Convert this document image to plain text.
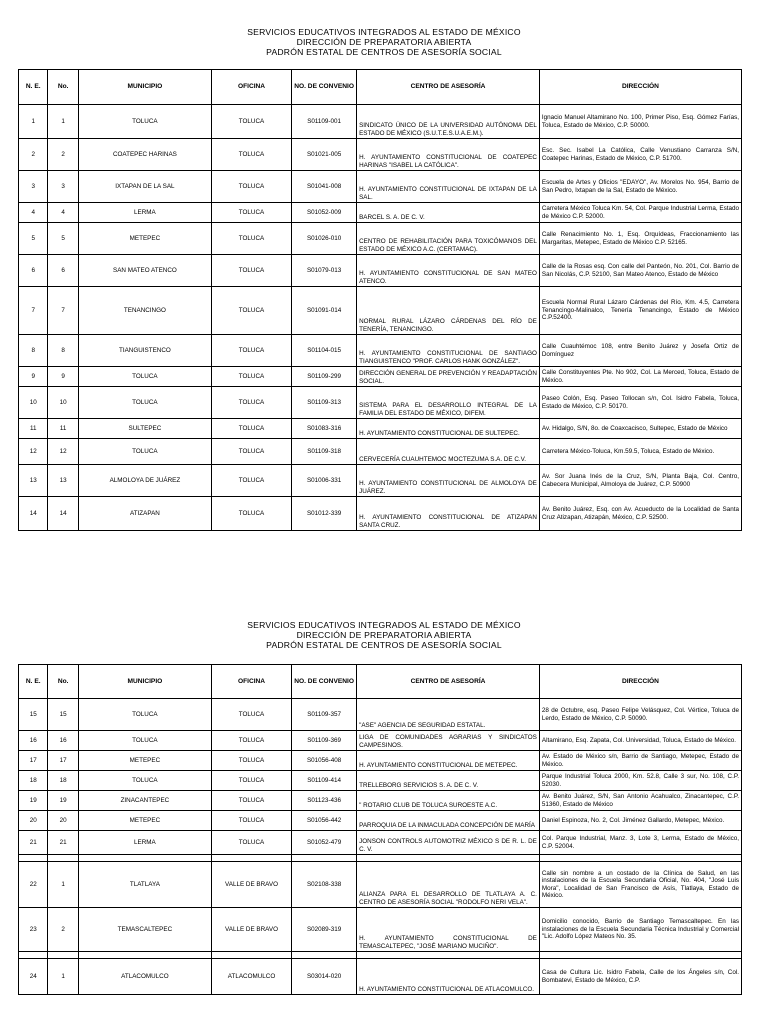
SERVICIOS EDUCATIVOS INTEGRADOS AL ESTADO DE MÉXICO
DIRECCIÓN DE PREPARATORIA ABIERTA
PADRÓN ESTATAL DE CENTROS DE ASESORÍA SOCIAL
N. E.	No.	MUNICIPIO	OFICINA	NO. DE CONVENIO	CENTRO DE ASESORÍA	DIRECCIÓN
1	1	TOLUCA	TOLUCA	S01109-001	SINDICATO ÚNICO DE LA UNIVERSIDAD AUTÓNOMA DEL ESTADO DE MÉXICO (S.U.T.E.S.U.A.E.M.).	Ignacio Manuel Altamirano No. 100, Primer Piso, Esq. Gómez Farías, Toluca, Estado de México, C.P. 50000.
2	2	COATEPEC HARINAS	TOLUCA	S01021-005	H. AYUNTAMIENTO CONSTITUCIONAL DE COATEPEC HARINAS "ISABEL LA CATÓLICA".	Esc. Sec. Isabel La Católica, Calle Venustiano Carranza S/N, Coatepec Harinas, Estado de México, C.P. 51700.
3	3	IXTAPAN DE LA SAL	TOLUCA	S01041-008	H. AYUNTAMIENTO CONSTITUCIONAL DE IXTAPAN DE LA SAL.	Escuela de Artes y Oficios "EDAYO", Av. Morelos No. 954, Barrio de San Pedro, Ixtapan de la Sal, Estado de México.
4	4	LERMA	TOLUCA	S01052-009	BARCEL S. A. DE C. V.	Carretera México Toluca Km. 54, Col. Parque Industrial Lerma, Estado de México C.P. 52000.
5	5	METEPEC	TOLUCA	S01026-010	CENTRO DE REHABILITACIÓN PARA TOXICÓMANOS DEL ESTADO DE MÉXICO A.C. (CERTAMAC).	Calle Renacimiento No. 1, Esq. Orquídeas, Fraccionamiento las Margaritas, Metepec, Estado de México C.P. 52165.
6	6	SAN MATEO ATENCO	TOLUCA	S01079-013	H. AYUNTAMIENTO CONSTITUCIONAL DE SAN MATEO ATENCO.	Calle de la Rosas esq. Con calle del Panteón, No. 201, Col. Barrio de San Nicolás, C.P. 52100, San Mateo Atenco, Estado de México
7	7	TENANCINGO	TOLUCA	S01091-014	NORMAL RURAL LÁZARO CÁRDENAS DEL RÍO DE TENERÍA, TENANCINGO.	Escuela Normal Rural Lázaro Cárdenas del Río, Km. 4.5, Carretera Tenancingo-Malinalco, Tenería Tenancingo, Estado de México C.P.52400.
8	8	TIANGUISTENCO	TOLUCA	S01104-015	H. AYUNTAMIENTO CONSTITUCIONAL DE SANTIAGO TIANGUISTENCO "PROF. CARLOS HANK GONZÁLEZ".	Calle Cuauhtémoc 108, entre Benito Juárez y Josefa Ortiz de Domínguez
9	9	TOLUCA	TOLUCA	S01109-299	DIRECCIÓN GENERAL DE PREVENCIÓN Y READAPTACIÓN SOCIAL.	Calle Constituyentes Pte. No 902, Col. La Merced, Toluca, Estado de México.
10	10	TOLUCA	TOLUCA	S01109-313	SISTEMA PARA EL DESARROLLO INTEGRAL DE LA FAMILIA DEL ESTADO DE MÉXICO, DIFEM.	Paseo Colón, Esq. Paseo Tollocan s/n, Col. Isidro Fabela, Toluca, Estado de México, C.P. 50170.
11	11	SULTEPEC	TOLUCA	S01083-316	H. AYUNTAMIENTO CONSTITUCIONAL DE SULTEPEC.	Av. Hidalgo, S/N, 8o. de Coaxcacisco, Sultepec, Estado de México
12	12	TOLUCA	TOLUCA	S01109-318	CERVECERÍA CUAUHTEMOC MOCTEZUMA S.A. DE C.V.	Carretera México-Toluca, Km.59.5, Toluca, Estado de México.
13	13	ALMOLOYA DE JUÁREZ	TOLUCA	S01006-331	H. AYUNTAMIENTO CONSTITUCIONAL DE ALMOLOYA DE JUÁREZ.	Av. Sor Juana Inés de la Cruz, S/N, Planta Baja, Col. Centro, Cabecera Municipal, Almoloya de Juárez, C.P. 50900
14	14	ATIZAPAN	TOLUCA	S01012-339	H. AYUNTAMIENTO CONSTITUCIONAL DE ATIZAPAN SANTA CRUZ.	Av. Benito Juárez, Esq. con Av. Acueducto de la Localidad de Santa Cruz Atizapan, Atizapán, México, C.P. 52500.
SERVICIOS EDUCATIVOS INTEGRADOS AL ESTADO DE MÉXICO
DIRECCIÓN DE PREPARATORIA ABIERTA
PADRÓN ESTATAL DE CENTROS DE ASESORÍA SOCIAL
N. E.	No.	MUNICIPIO	OFICINA	NO. DE CONVENIO	CENTRO DE ASESORÍA	DIRECCIÓN
15	15	TOLUCA	TOLUCA	S01109-357	"ASE" AGENCIA DE SEGURIDAD ESTATAL.	28 de Octubre, esq. Paseo Felipe Velásquez, Col. Vértice, Toluca de Lerdo, Estado de México, C.P. 50090.
16	16	TOLUCA	TOLUCA	S01109-369	LIGA DE COMUNIDADES AGRARIAS Y SINDICATOS CAMPESINOS.	Altamirano, Esq. Zapata, Col. Universidad, Toluca, Estado de México.
17	17	METEPEC	TOLUCA	S01056-408	H. AYUNTAMIENTO CONSTITUCIONAL DE METEPEC.	Av. Estado de México s/n, Barrio de Santiago, Metepec, Estado de México.
18	18	TOLUCA	TOLUCA	S01109-414	TRELLEBORG SERVICIOS S. A. DE C. V.	Parque Industrial Toluca 2000, Km. 52.8, Calle 3 sur, No. 108, C.P. 52030.
19	19	ZINACANTEPEC	TOLUCA	S01123-436	" ROTARIO CLUB DE TOLUCA SUROESTE A.C.	Av. Benito Juárez, S/N, San Antonio Acahualco, Zinacantepec, C.P. 51360, Estado de México
20	20	METEPEC	TOLUCA	S01056-442	PARROQUIA DE LA INMACULADA CONCEPCIÓN DE MARÍA	Daniel Espinoza, No. 2, Col. Jiménez Gallardo, Metepec, México.
21	21	LERMA	TOLUCA	S01052-479	JONSON CONTROLS AUTOMOTRIZ MÉXICO S DE R. L. DE C. V.	Col. Parque Industrial, Manz. 3, Lote 3, Lerma, Estado de México, C.P. 52004.

22	1	TLATLAYA	VALLE DE BRAVO	S02108-338	ALIANZA PARA EL DESARROLLO DE TLATLAYA A. C. CENTRO DE ASESORÍA SOCIAL "RODOLFO NERI VELA".	Calle sin nombre a un costado de la Clínica de Salud, en las instalaciones de la Escuela Secundaria Oficial, No. 404, "José Luis Mora", Localidad de San Francisco de Asís, Tlatlaya, Estado de México.
23	2	TEMASCALTEPEC	VALLE DE BRAVO	S02089-319	H. AYUNTAMIENTO CONSTITUCIONAL DE TEMASCALTEPEC, "JOSÉ MARIANO MUCIÑO".	Domicilio conocido, Barrio de Santiago Temascaltepec. En las instalaciones de la Escuela Secundaria Técnica Industrial y Comercial "Lic. Adolfo López Mateos No. 35.

24	1	ATLACOMULCO	ATLACOMULCO	S03014-020	H. AYUNTAMIENTO CONSTITUCIONAL DE ATLACOMULCO.	Casa de Cultura Lic. Isidro Fabela, Calle de los Ángeles s/n, Col. Bombatevi, Estado de México, C.P.
